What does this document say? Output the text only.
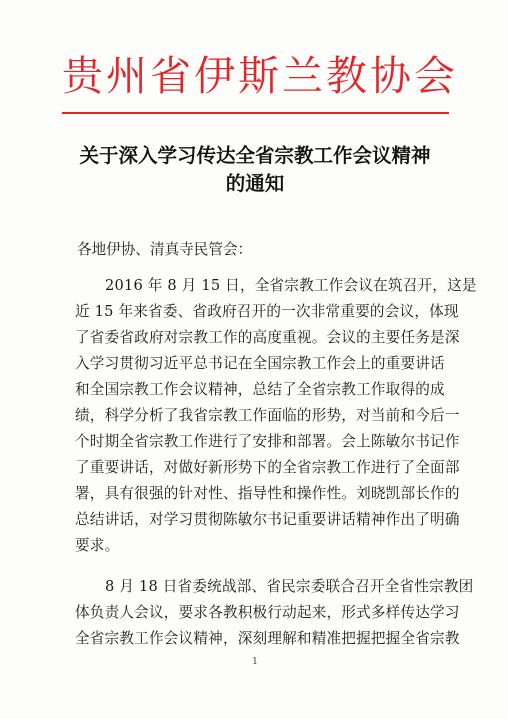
贵州省伊斯兰教协会
关于深入学习传达全省宗教工作会议精神
的通知
各地伊协、清真寺民管会：
2016 年 8 月 15 日，全省宗教工作会议在筑召开，这是
近 15 年来省委、省政府召开的一次非常重要的会议，体现
了省委省政府对宗教工作的高度重视。会议的主要任务是深
入学习贯彻习近平总书记在全国宗教工作会上的重要讲话
和全国宗教工作会议精神，总结了全省宗教工作取得的成
绩，科学分析了我省宗教工作面临的形势，对当前和今后一
个时期全省宗教工作进行了安排和部署。会上陈敏尔书记作
了重要讲话，对做好新形势下的全省宗教工作进行了全面部
署，具有很强的针对性、指导性和操作性。刘晓凯部长作的
总结讲话，对学习贯彻陈敏尔书记重要讲话精神作出了明确
要求。
8 月 18 日省委统战部、省民宗委联合召开全省性宗教团
体负责人会议，要求各教积极行动起来，形式多样传达学习
全省宗教工作会议精神，深刻理解和精准把握把握全省宗教
1
